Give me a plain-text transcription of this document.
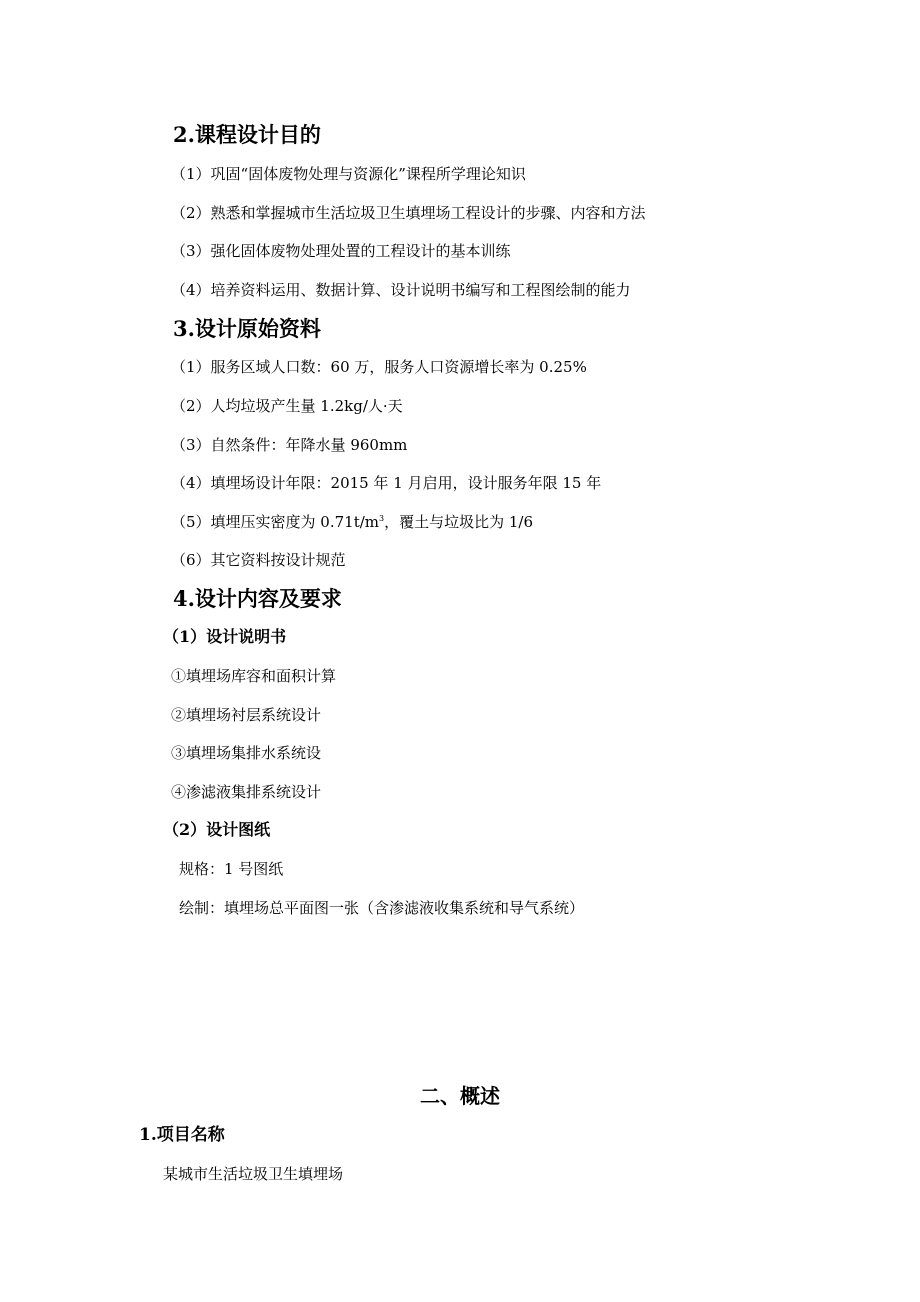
2.课程设计目的
（1）巩固“固体废物处理与资源化”课程所学理论知识
（2）熟悉和掌握城市生活垃圾卫生填埋场工程设计的步骤、内容和方法
（3）强化固体废物处理处置的工程设计的基本训练
（4）培养资料运用、数据计算、设计说明书编写和工程图绘制的能力
3.设计原始资料
（1）服务区域人口数：60 万，服务人口资源增长率为 0.25%
（2）人均垃圾产生量 1.2kg/人·天
（3）自然条件：年降水量 960mm
（4）填埋场设计年限：2015 年 1 月启用，设计服务年限 15 年
（5）填埋压实密度为 $0.71t/m^3$，覆土与垃圾比为 1/6
（6）其它资料按设计规范
4.设计内容及要求
（1）设计说明书
①填埋场库容和面积计算
②填埋场衬层系统设计
③填埋场集排水系统设
④渗滤液集排系统设计
（2）设计图纸
规格：1 号图纸
绘制：填埋场总平面图一张（含渗滤液收集系统和导气系统）
二、概述
1.项目名称
某城市生活垃圾卫生填埋场
